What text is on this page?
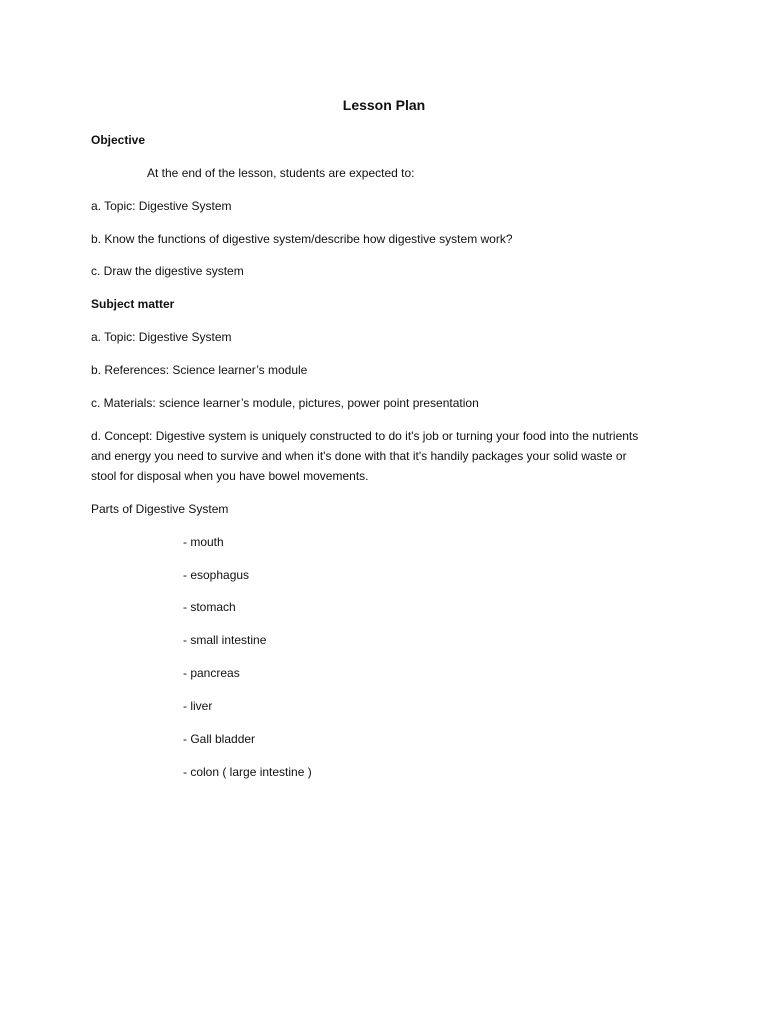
Lesson Plan
Objective
At the end of the lesson, students are expected to:
a. Topic: Digestive System
b. Know the functions of digestive system/describe how digestive system work?
c. Draw the digestive system
Subject matter
a. Topic: Digestive System
b. References: Science learner’s module
c. Materials: science learner’s module, pictures, power point presentation
d. Concept: Digestive system is uniquely constructed to do it's job or turning your food into the nutrients
and energy you need to survive and when it's done with that it's handily packages your solid waste or
stool for disposal when you have bowel movements.
Parts of Digestive System
- mouth
- esophagus
- stomach
- small intestine
- pancreas
- liver
- Gall bladder
- colon ( large intestine )
